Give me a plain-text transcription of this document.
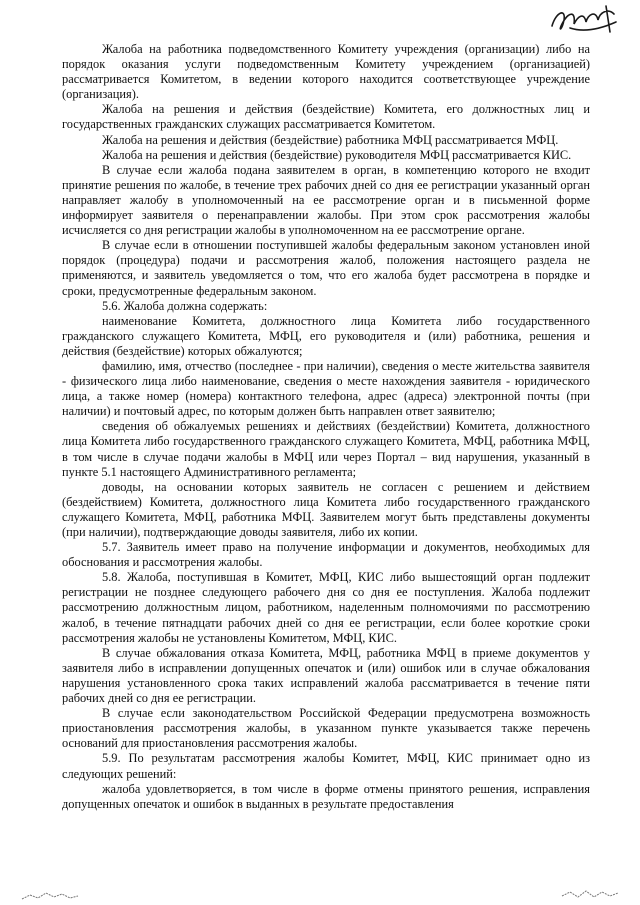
Жалоба на работника подведомственного Комитету учреждения (организации) либо на порядок оказания услуги подведомственным Комитету учреждением (организацией) рассматривается Комитетом, в ведении которого находится соответствующее учреждение (организация).

Жалоба на решения и действия (бездействие) Комитета, его должностных лиц и государственных гражданских служащих рассматривается Комитетом.

Жалоба на решения и действия (бездействие) работника МФЦ рассматривается МФЦ.

Жалоба на решения и действия (бездействие) руководителя МФЦ рассматривается КИС.

В случае если жалоба подана заявителем в орган, в компетенцию которого не входит принятие решения по жалобе, в течение трех рабочих дней со дня ее регистрации указанный орган направляет жалобу в уполномоченный на ее рассмотрение орган и в письменной форме информирует заявителя о перенаправлении жалобы. При этом срок рассмотрения жалобы исчисляется со дня регистрации жалобы в уполномоченном на ее рассмотрение органе.

В случае если в отношении поступившей жалобы федеральным законом установлен иной порядок (процедура) подачи и рассмотрения жалоб, положения настоящего раздела не применяются, и заявитель уведомляется о том, что его жалоба будет рассмотрена в порядке и сроки, предусмотренные федеральным законом.

5.6. Жалоба должна содержать:

наименование Комитета, должностного лица Комитета либо государственного гражданского служащего Комитета, МФЦ, его руководителя и (или) работника, решения и действия (бездействие) которых обжалуются;

фамилию, имя, отчество (последнее - при наличии), сведения о месте жительства заявителя - физического лица либо наименование, сведения о месте нахождения заявителя - юридического лица, а также номер (номера) контактного телефона, адрес (адреса) электронной почты (при наличии) и почтовый адрес, по которым должен быть направлен ответ заявителю;

сведения об обжалуемых решениях и действиях (бездействии) Комитета, должностного лица Комитета либо государственного гражданского служащего Комитета, МФЦ, работника МФЦ, в том числе в случае подачи жалобы в МФЦ или через Портал – вид нарушения, указанный в пункте 5.1 настоящего Административного регламента;

доводы, на основании которых заявитель не согласен с решением и действием (бездействием) Комитета, должностного лица Комитета либо государственного гражданского служащего Комитета, МФЦ, работника МФЦ. Заявителем могут быть представлены документы (при наличии), подтверждающие доводы заявителя, либо их копии.

5.7. Заявитель имеет право на получение информации и документов, необходимых для обоснования и рассмотрения жалобы.

5.8. Жалоба, поступившая в Комитет, МФЦ, КИС либо вышестоящий орган подлежит регистрации не позднее следующего рабочего дня со дня ее поступления. Жалоба подлежит рассмотрению должностным лицом, работником, наделенным полномочиями по рассмотрению жалоб, в течение пятнадцати рабочих дней со дня ее регистрации, если более короткие сроки рассмотрения жалобы не установлены Комитетом, МФЦ, КИС.

В случае обжалования отказа Комитета, МФЦ, работника МФЦ в приеме документов у заявителя либо в исправлении допущенных опечаток и (или) ошибок или в случае обжалования нарушения установленного срока таких исправлений жалоба рассматривается в течение пяти рабочих дней со дня ее регистрации.

В случае если законодательством Российской Федерации предусмотрена возможность приостановления рассмотрения жалобы, в указанном пункте указывается также перечень оснований для приостановления рассмотрения жалобы.

5.9. По результатам рассмотрения жалобы Комитет, МФЦ, КИС принимает одно из следующих решений:

жалоба удовлетворяется, в том числе в форме отмены принятого решения, исправления допущенных опечаток и ошибок в выданных в результате предоставления
